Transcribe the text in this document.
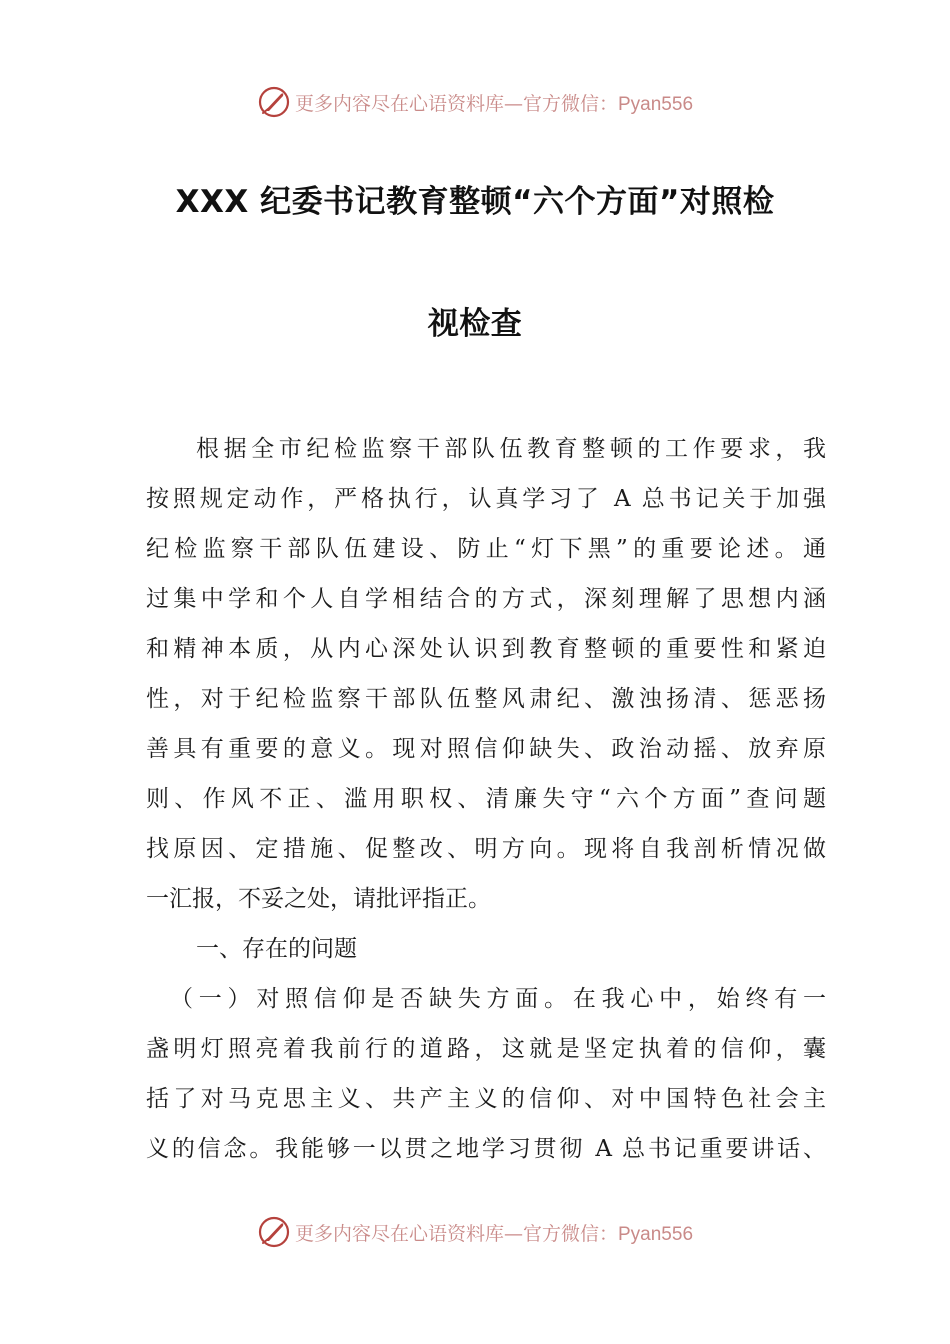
更多内容尽在心语资料库—官方微信：Pyan556
XXX 纪委书记教育整顿“六个方面”对照检
视检查
根据全市纪检监察干部队伍教育整顿的工作要求，我
按照规定动作，严格执行，认真学习了 A 总书记关于加强
纪检监察干部队伍建设、防止“灯下黑”的重要论述。通
过集中学和个人自学相结合的方式，深刻理解了思想内涵
和精神本质，从内心深处认识到教育整顿的重要性和紧迫
性，对于纪检监察干部队伍整风肃纪、激浊扬清、惩恶扬
善具有重要的意义。现对照信仰缺失、政治动摇、放弃原
则、作风不正、滥用职权、清廉失守“六个方面”查问题
找原因、定措施、促整改、明方向。现将自我剖析情况做
一汇报，不妥之处，请批评指正。
一、存在的问题
（一）对照信仰是否缺失方面。在我心中，始终有一
盏明灯照亮着我前行的道路，这就是坚定执着的信仰，囊
括了对马克思主义、共产主义的信仰、对中国特色社会主
义的信念。我能够一以贯之地学习贯彻 A 总书记重要讲话、
更多内容尽在心语资料库—官方微信：Pyan556
